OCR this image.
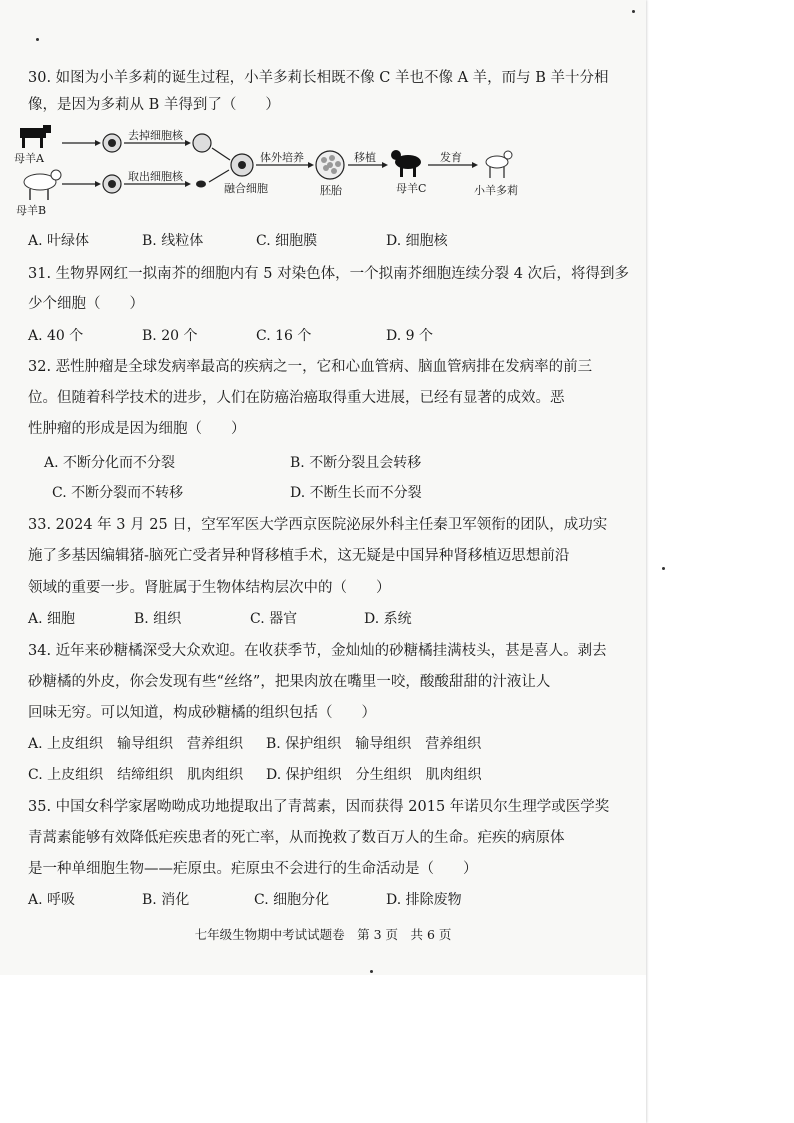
30. 如图为小羊多莉的诞生过程，小羊多莉长相既不像 C 羊也不像 A 羊，而与 B 羊十分相
像，是因为多莉从 B 羊得到了（　　）
母羊A
母羊B
去掉细胞核
取出细胞核
融合细胞
体外培养
胚胎
移植
母羊C
发育
小羊多莉
A. 叶绿体	B. 线粒体	C. 细胞膜	D. 细胞核
31. 生物界网红一拟南芥的细胞内有 5 对染色体，一个拟南芥细胞连续分裂 4 次后，将得到多
少个细胞（　　）
A. 40 个	B. 20 个	C. 16 个	D. 9 个
32. 恶性肿瘤是全球发病率最高的疾病之一，它和心血管病、脑血管病排在发病率的前三
位。但随着科学技术的进步，人们在防癌治癌取得重大进展，已经有显著的成效。恶
性肿瘤的形成是因为细胞（　　）
A. 不断分化而不分裂	B. 不断分裂且会转移
C. 不断分裂而不转移	D. 不断生长而不分裂
33. 2024 年 3 月 25 日，空军军医大学西京医院泌尿外科主任秦卫军领衔的团队，成功实
施了多基因编辑猪-脑死亡受者异种肾移植手术，这无疑是中国异种肾移植迈思想前沿
领域的重要一步。肾脏属于生物体结构层次中的（　　）
A. 细胞	B. 组织	C. 器官	D. 系统
34. 近年来砂糖橘深受大众欢迎。在收获季节，金灿灿的砂糖橘挂满枝头，甚是喜人。剥去
砂糖橘的外皮，你会发现有些“丝络”，把果肉放在嘴里一咬，酸酸甜甜的汁液让人
回味无穷。可以知道，构成砂糖橘的组织包括（　　）
A. 上皮组织　输导组织　营养组织 B. 保护组织　输导组织　营养组织
C. 上皮组织　结缔组织　肌肉组织 D. 保护组织　分生组织　肌肉组织
35. 中国女科学家屠呦呦成功地提取出了青蒿素，因而获得 2015 年诺贝尔生理学或医学奖
青蒿素能够有效降低疟疾患者的死亡率，从而挽救了数百万人的生命。疟疾的病原体
是一种单细胞生物——疟原虫。疟原虫不会进行的生命活动是（　　）
A. 呼吸	B. 消化	C. 细胞分化	D. 排除废物
七年级生物期中考试试题卷　第 3 页　共 6 页
